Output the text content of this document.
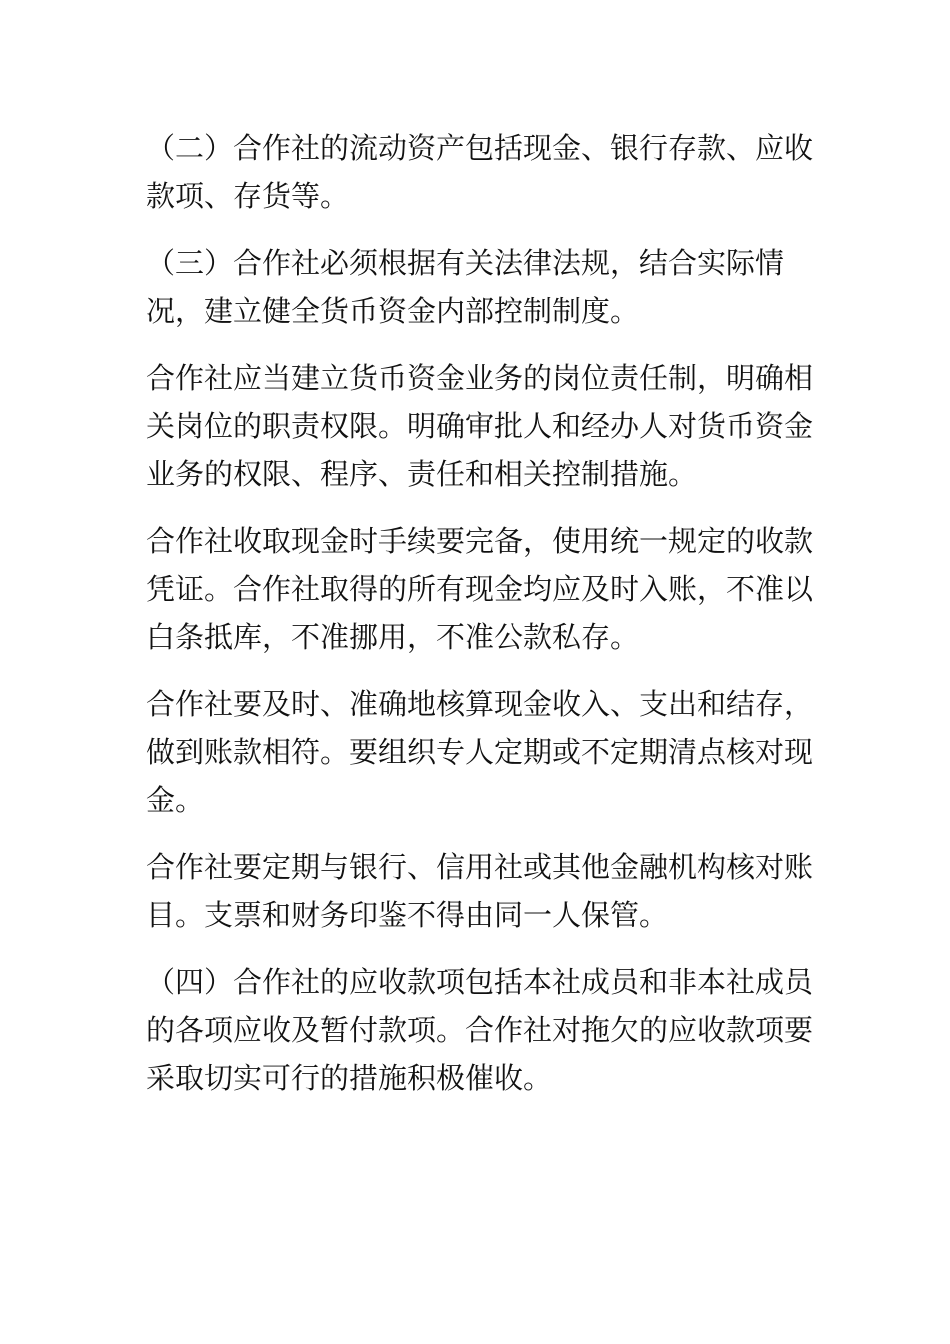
（二）合作社的流动资产包括现金、银行存款、应收款项、存货等。

（三）合作社必须根据有关法律法规，结合实际情况，建立健全货币资金内部控制制度。

合作社应当建立货币资金业务的岗位责任制，明确相关岗位的职责权限。明确审批人和经办人对货币资金业务的权限、程序、责任和相关控制措施。

合作社收取现金时手续要完备，使用统一规定的收款凭证。合作社取得的所有现金均应及时入账，不准以白条抵库，不准挪用，不准公款私存。

合作社要及时、准确地核算现金收入、支出和结存，做到账款相符。要组织专人定期或不定期清点核对现金。

合作社要定期与银行、信用社或其他金融机构核对账目。支票和财务印鉴不得由同一人保管。

（四）合作社的应收款项包括本社成员和非本社成员的各项应收及暂付款项。合作社对拖欠的应收款项要采取切实可行的措施积极催收。
